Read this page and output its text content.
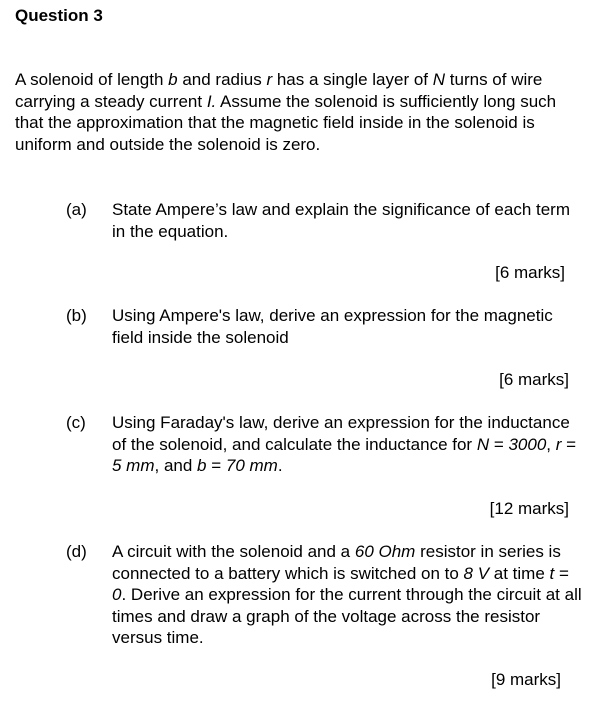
Question 3

A solenoid of length b and radius r has a single layer of N turns of wire carrying a steady current I. Assume the solenoid is sufficiently long such that the approximation that the magnetic field inside in the solenoid is uniform and outside the solenoid is zero.

(a) State Ampere’s law and explain the significance of each term in the equation.

[6 marks]
(b) Using Ampere's law, derive an expression for the magnetic field inside the solenoid

[6 marks]
(c) Using Faraday's law, derive an expression for the inductance of the solenoid, and calculate the inductance for N = 3000, r = 5 mm, and b = 70 mm.

[12 marks]
(d) A circuit with the solenoid and a 60 Ohm resistor in series is connected to a battery which is switched on to 8 V at time t = 0. Derive an expression for the current through the circuit at all times and draw a graph of the voltage across the resistor versus time.

[9 marks]
